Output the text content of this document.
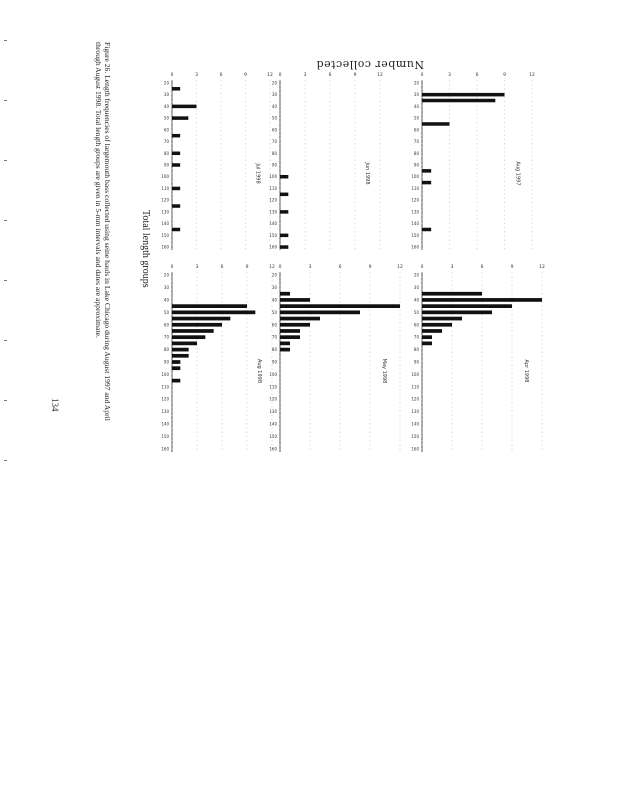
Figure 26. Length frequencies of largemouth bass collected using seine hauls in Lake Chicago during August 1997 and April through August 1998. Total length groups are given in 5-mm intervals and dates are approximate.	Number collected
Total length groups
134
0	3	6	9	12
20
30
40
50
60
70
80
90
100
110
120
130
140
150
160
Jul 1998
0	3	6	9	12
20
30
40
50
60
70
80
90
100
110
120
130
140
150
160
Jun 1998
0	3	6	9	12
20
30
40
50
60
70
80
90
100
110
120
130
140
150
160
Aug 1997
0	3	6	9	12
20
30
40
50
60
70
80
90
100
110
120
130
140
150
160
Aug 1998
0	3	6	9	12
20
30
40
50
60
70
80
90
100
110
120
130
140
150
160
May 1998
0	3	6	9	12
20
30
40
50
60
70
80
90
100
110
120
130
140
150
160
Apr 1998
